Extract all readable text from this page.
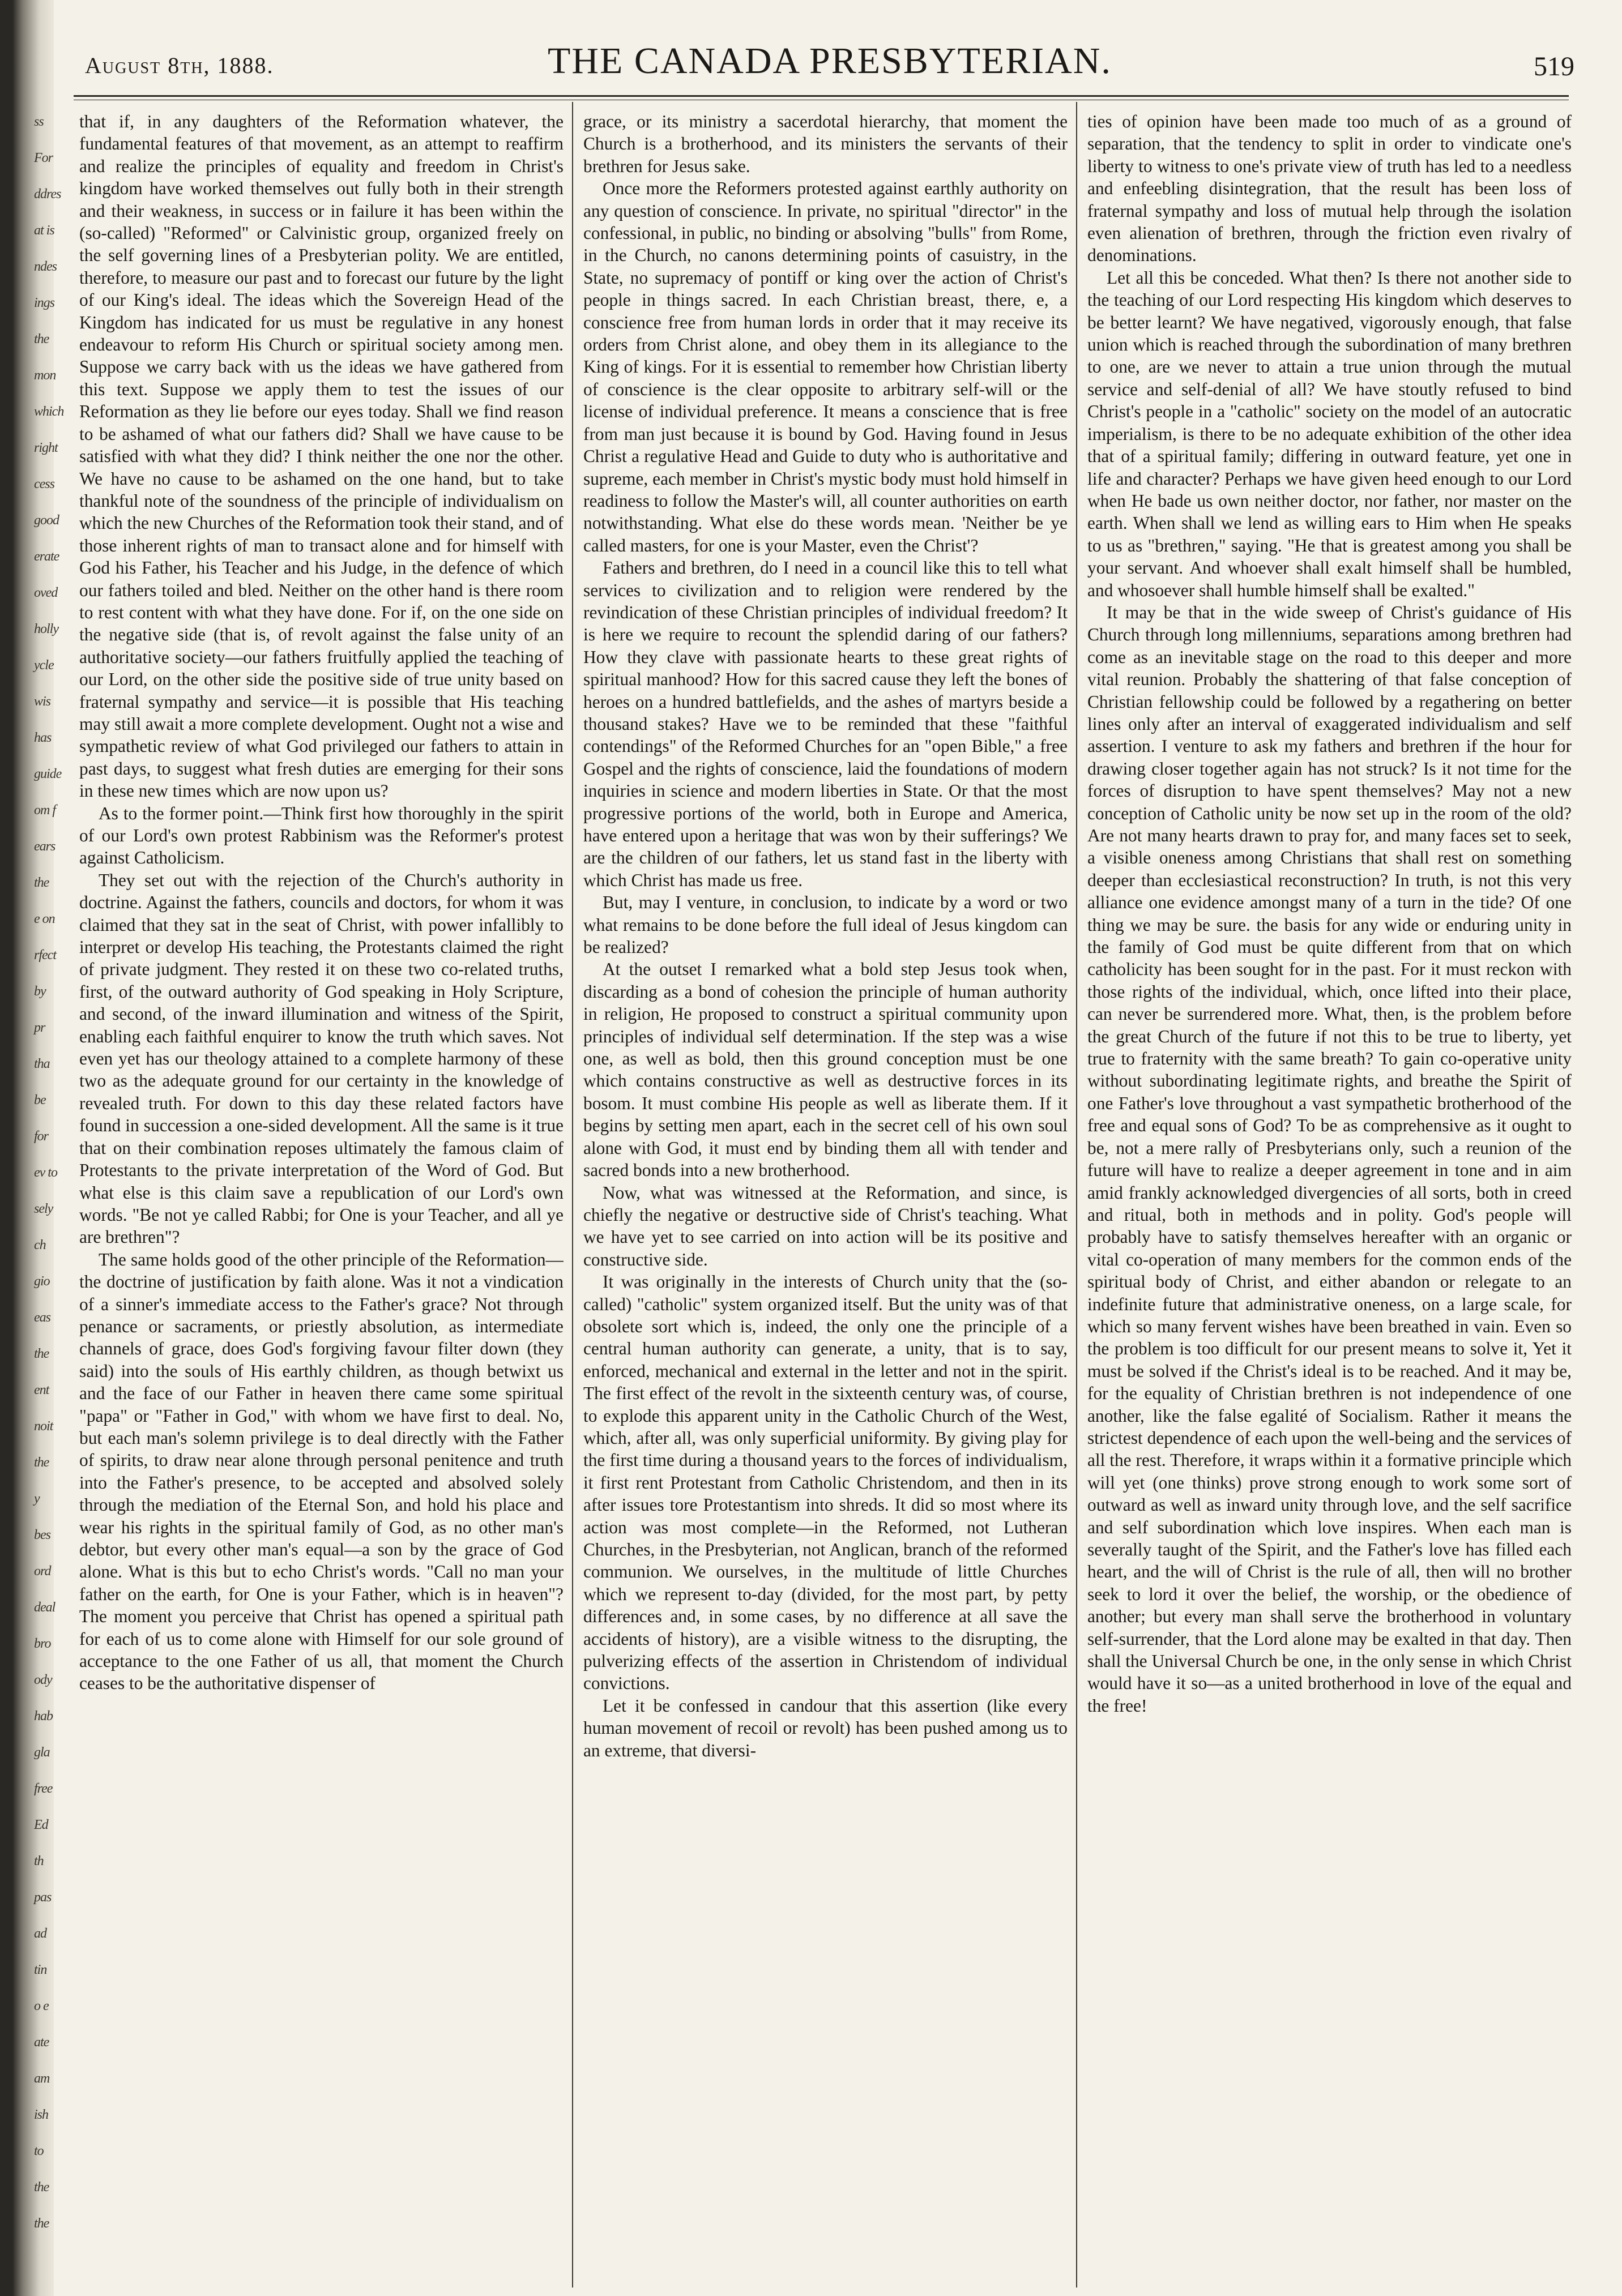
ss
For
ddres
at is
ndes
ings
the
mon
which
right
cess
good
erate
oved
holly
ycle
wis
has
guide
om f
ears
the
e on
rfect
by
pr
tha
be
for
ev to
sely
ch
gio
eas
the
ent
noit
the
y
bes
ord
deal
bro
ody
hab
gla
free
Ed
th
pas
ad
tin
o e
ate
am
ish
to
the
the
August 8th, 1888.	THE CANADA PRESBYTERIAN.	519

that if, in any daughters of the Reformation whatever, the fundamental features of that movement, as an attempt to reaffirm and realize the principles of equality and freedom in Christ's kingdom have worked themselves out fully both in their strength and their weakness, in success or in failure it has been within the (so-called) "Reformed" or Calvinistic group, organized freely on the self governing lines of a Presbyterian polity. We are entitled, therefore, to measure our past and to forecast our future by the light of our King's ideal. The ideas which the Sovereign Head of the Kingdom has indicated for us must be regulative in any honest endeavour to reform His Church or spiritual society among men. Suppose we carry back with us the ideas we have gathered from this text. Suppose we apply them to test the issues of our Reformation as they lie before our eyes today. Shall we find reason to be ashamed of what our fathers did? Shall we have cause to be satisfied with what they did? I think neither the one nor the other. We have no cause to be ashamed on the one hand, but to take thankful note of the soundness of the principle of individualism on which the new Churches of the Reformation took their stand, and of those inherent rights of man to transact alone and for himself with God his Father, his Teacher and his Judge, in the defence of which our fathers toiled and bled. Neither on the other hand is there room to rest content with what they have done. For if, on the one side on the negative side (that is, of revolt against the false unity of an authoritative society—our fathers fruitfully applied the teaching of our Lord, on the other side the positive side of true unity based on fraternal sympathy and service—it is possible that His teaching may still await a more complete development. Ought not a wise and sympathetic review of what God privileged our fathers to attain in past days, to suggest what fresh duties are emerging for their sons in these new times which are now upon us?

As to the former point.—Think first how thoroughly in the spirit of our Lord's own protest Rabbinism was the Reformer's protest against Catholicism.

They set out with the rejection of the Church's authority in doctrine. Against the fathers, councils and doctors, for whom it was claimed that they sat in the seat of Christ, with power infallibly to interpret or develop His teaching, the Protestants claimed the right of private judgment. They rested it on these two co-related truths, first, of the outward authority of God speaking in Holy Scripture, and second, of the inward illumination and witness of the Spirit, enabling each faithful enquirer to know the truth which saves. Not even yet has our theology attained to a complete harmony of these two as the adequate ground for our certainty in the knowledge of revealed truth. For down to this day these related factors have found in succession a one-sided development. All the same is it true that on their combination reposes ultimately the famous claim of Protestants to the private interpretation of the Word of God. But what else is this claim save a republication of our Lord's own words. "Be not ye called Rabbi; for One is your Teacher, and all ye are brethren"?

The same holds good of the other principle of the Reformation—the doctrine of justification by faith alone. Was it not a vindication of a sinner's immediate access to the Father's grace? Not through penance or sacraments, or priestly absolution, as intermediate channels of grace, does God's forgiving favour filter down (they said) into the souls of His earthly children, as though betwixt us and the face of our Father in heaven there came some spiritual "papa" or "Father in God," with whom we have first to deal. No, but each man's solemn privilege is to deal directly with the Father of spirits, to draw near alone through personal penitence and truth into the Father's presence, to be accepted and absolved solely through the mediation of the Eternal Son, and hold his place and wear his rights in the spiritual family of God, as no other man's debtor, but every other man's equal—a son by the grace of God alone. What is this but to echo Christ's words. "Call no man your father on the earth, for One is your Father, which is in heaven"? The moment you perceive that Christ has opened a spiritual path for each of us to come alone with Himself for our sole ground of acceptance to the one Father of us all, that moment the Church ceases to be the authoritative dispenser of

grace, or its ministry a sacerdotal hierarchy, that moment the Church is a brotherhood, and its ministers the servants of their brethren for Jesus sake.

Once more the Reformers protested against earthly authority on any question of conscience. In private, no spiritual "director" in the confessional, in public, no binding or absolving "bulls" from Rome, in the Church, no canons determining points of casuistry, in the State, no supremacy of pontiff or king over the action of Christ's people in things sacred. In each Christian breast, there, e, a conscience free from human lords in order that it may receive its orders from Christ alone, and obey them in its allegiance to the King of kings. For it is essential to remember how Christian liberty of conscience is the clear opposite to arbitrary self-will or the license of individual preference. It means a conscience that is free from man just because it is bound by God. Having found in Jesus Christ a regulative Head and Guide to duty who is authoritative and supreme, each member in Christ's mystic body must hold himself in readiness to follow the Master's will, all counter authorities on earth notwithstanding. What else do these words mean. 'Neither be ye called masters, for one is your Master, even the Christ'?

Fathers and brethren, do I need in a council like this to tell what services to civilization and to religion were rendered by the revindication of these Christian principles of individual freedom? It is here we require to recount the splendid daring of our fathers? How they clave with passionate hearts to these great rights of spiritual manhood? How for this sacred cause they left the bones of heroes on a hundred battlefields, and the ashes of martyrs beside a thousand stakes? Have we to be reminded that these "faithful contendings" of the Reformed Churches for an "open Bible," a free Gospel and the rights of conscience, laid the foundations of modern inquiries in science and modern liberties in State. Or that the most progressive portions of the world, both in Europe and America, have entered upon a heritage that was won by their sufferings? We are the children of our fathers, let us stand fast in the liberty with which Christ has made us free.

But, may I venture, in conclusion, to indicate by a word or two what remains to be done before the full ideal of Jesus kingdom can be realized?

At the outset I remarked what a bold step Jesus took when, discarding as a bond of cohesion the principle of human authority in religion, He proposed to construct a spiritual community upon principles of individual self determination. If the step was a wise one, as well as bold, then this ground conception must be one which contains constructive as well as destructive forces in its bosom. It must combine His people as well as liberate them. If it begins by setting men apart, each in the secret cell of his own soul alone with God, it must end by binding them all with tender and sacred bonds into a new brotherhood.

Now, what was witnessed at the Reformation, and since, is chiefly the negative or destructive side of Christ's teaching. What we have yet to see carried on into action will be its positive and constructive side.

It was originally in the interests of Church unity that the (so-called) "catholic" system organized itself. But the unity was of that obsolete sort which is, indeed, the only one the principle of a central human authority can generate, a unity, that is to say, enforced, mechanical and external in the letter and not in the spirit. The first effect of the revolt in the sixteenth century was, of course, to explode this apparent unity in the Catholic Church of the West, which, after all, was only superficial uniformity. By giving play for the first time during a thousand years to the forces of individualism, it first rent Protestant from Catholic Christendom, and then in its after issues tore Protestantism into shreds. It did so most where its action was most complete—in the Reformed, not Lutheran Churches, in the Presbyterian, not Anglican, branch of the reformed communion. We ourselves, in the multitude of little Churches which we represent to-day (divided, for the most part, by petty differences and, in some cases, by no difference at all save the accidents of history), are a visible witness to the disrupting, the pulverizing effects of the assertion in Christendom of individual convictions.

Let it be confessed in candour that this assertion (like every human movement of recoil or revolt) has been pushed among us to an extreme, that diversi-

ties of opinion have been made too much of as a ground of separation, that the tendency to split in order to vindicate one's liberty to witness to one's private view of truth has led to a needless and enfeebling disintegration, that the result has been loss of fraternal sympathy and loss of mutual help through the isolation even alienation of brethren, through the friction even rivalry of denominations.

Let all this be conceded. What then? Is there not another side to the teaching of our Lord respecting His kingdom which deserves to be better learnt? We have negatived, vigorously enough, that false union which is reached through the subordination of many brethren to one, are we never to attain a true union through the mutual service and self-denial of all? We have stoutly refused to bind Christ's people in a "catholic" society on the model of an autocratic imperialism, is there to be no adequate exhibition of the other idea that of a spiritual family; differing in outward feature, yet one in life and character? Perhaps we have given heed enough to our Lord when He bade us own neither doctor, nor father, nor master on the earth. When shall we lend as willing ears to Him when He speaks to us as "brethren," saying. "He that is greatest among you shall be your servant. And whoever shall exalt himself shall be humbled, and whosoever shall humble himself shall be exalted."

It may be that in the wide sweep of Christ's guidance of His Church through long millenniums, separations among brethren had come as an inevitable stage on the road to this deeper and more vital reunion. Probably the shattering of that false conception of Christian fellowship could be followed by a regathering on better lines only after an interval of exaggerated individualism and self assertion. I venture to ask my fathers and brethren if the hour for drawing closer together again has not struck? Is it not time for the forces of disruption to have spent themselves? May not a new conception of Catholic unity be now set up in the room of the old? Are not many hearts drawn to pray for, and many faces set to seek, a visible oneness among Christians that shall rest on something deeper than ecclesiastical reconstruction? In truth, is not this very alliance one evidence amongst many of a turn in the tide? Of one thing we may be sure. the basis for any wide or enduring unity in the family of God must be quite different from that on which catholicity has been sought for in the past. For it must reckon with those rights of the individual, which, once lifted into their place, can never be surrendered more. What, then, is the problem before the great Church of the future if not this to be true to liberty, yet true to fraternity with the same breath? To gain co-operative unity without subordinating legitimate rights, and breathe the Spirit of one Father's love throughout a vast sympathetic brotherhood of the free and equal sons of God? To be as comprehensive as it ought to be, not a mere rally of Presbyterians only, such a reunion of the future will have to realize a deeper agreement in tone and in aim amid frankly acknowledged divergencies of all sorts, both in creed and ritual, both in methods and in polity. God's people will probably have to satisfy themselves hereafter with an organic or vital co-operation of many members for the common ends of the spiritual body of Christ, and either abandon or relegate to an indefinite future that administrative oneness, on a large scale, for which so many fervent wishes have been breathed in vain. Even so the problem is too difficult for our present means to solve it, Yet it must be solved if the Christ's ideal is to be reached. And it may be, for the equality of Christian brethren is not independence of one another, like the false egalité of Socialism. Rather it means the strictest dependence of each upon the well-being and the services of all the rest. Therefore, it wraps within it a formative principle which will yet (one thinks) prove strong enough to work some sort of outward as well as inward unity through love, and the self sacrifice and self subordination which love inspires. When each man is severally taught of the Spirit, and the Father's love has filled each heart, and the will of Christ is the rule of all, then will no brother seek to lord it over the belief, the worship, or the obedience of another; but every man shall serve the brotherhood in voluntary self-surrender, that the Lord alone may be exalted in that day. Then shall the Universal Church be one, in the only sense in which Christ would have it so—as a united brotherhood in love of the equal and the free!
